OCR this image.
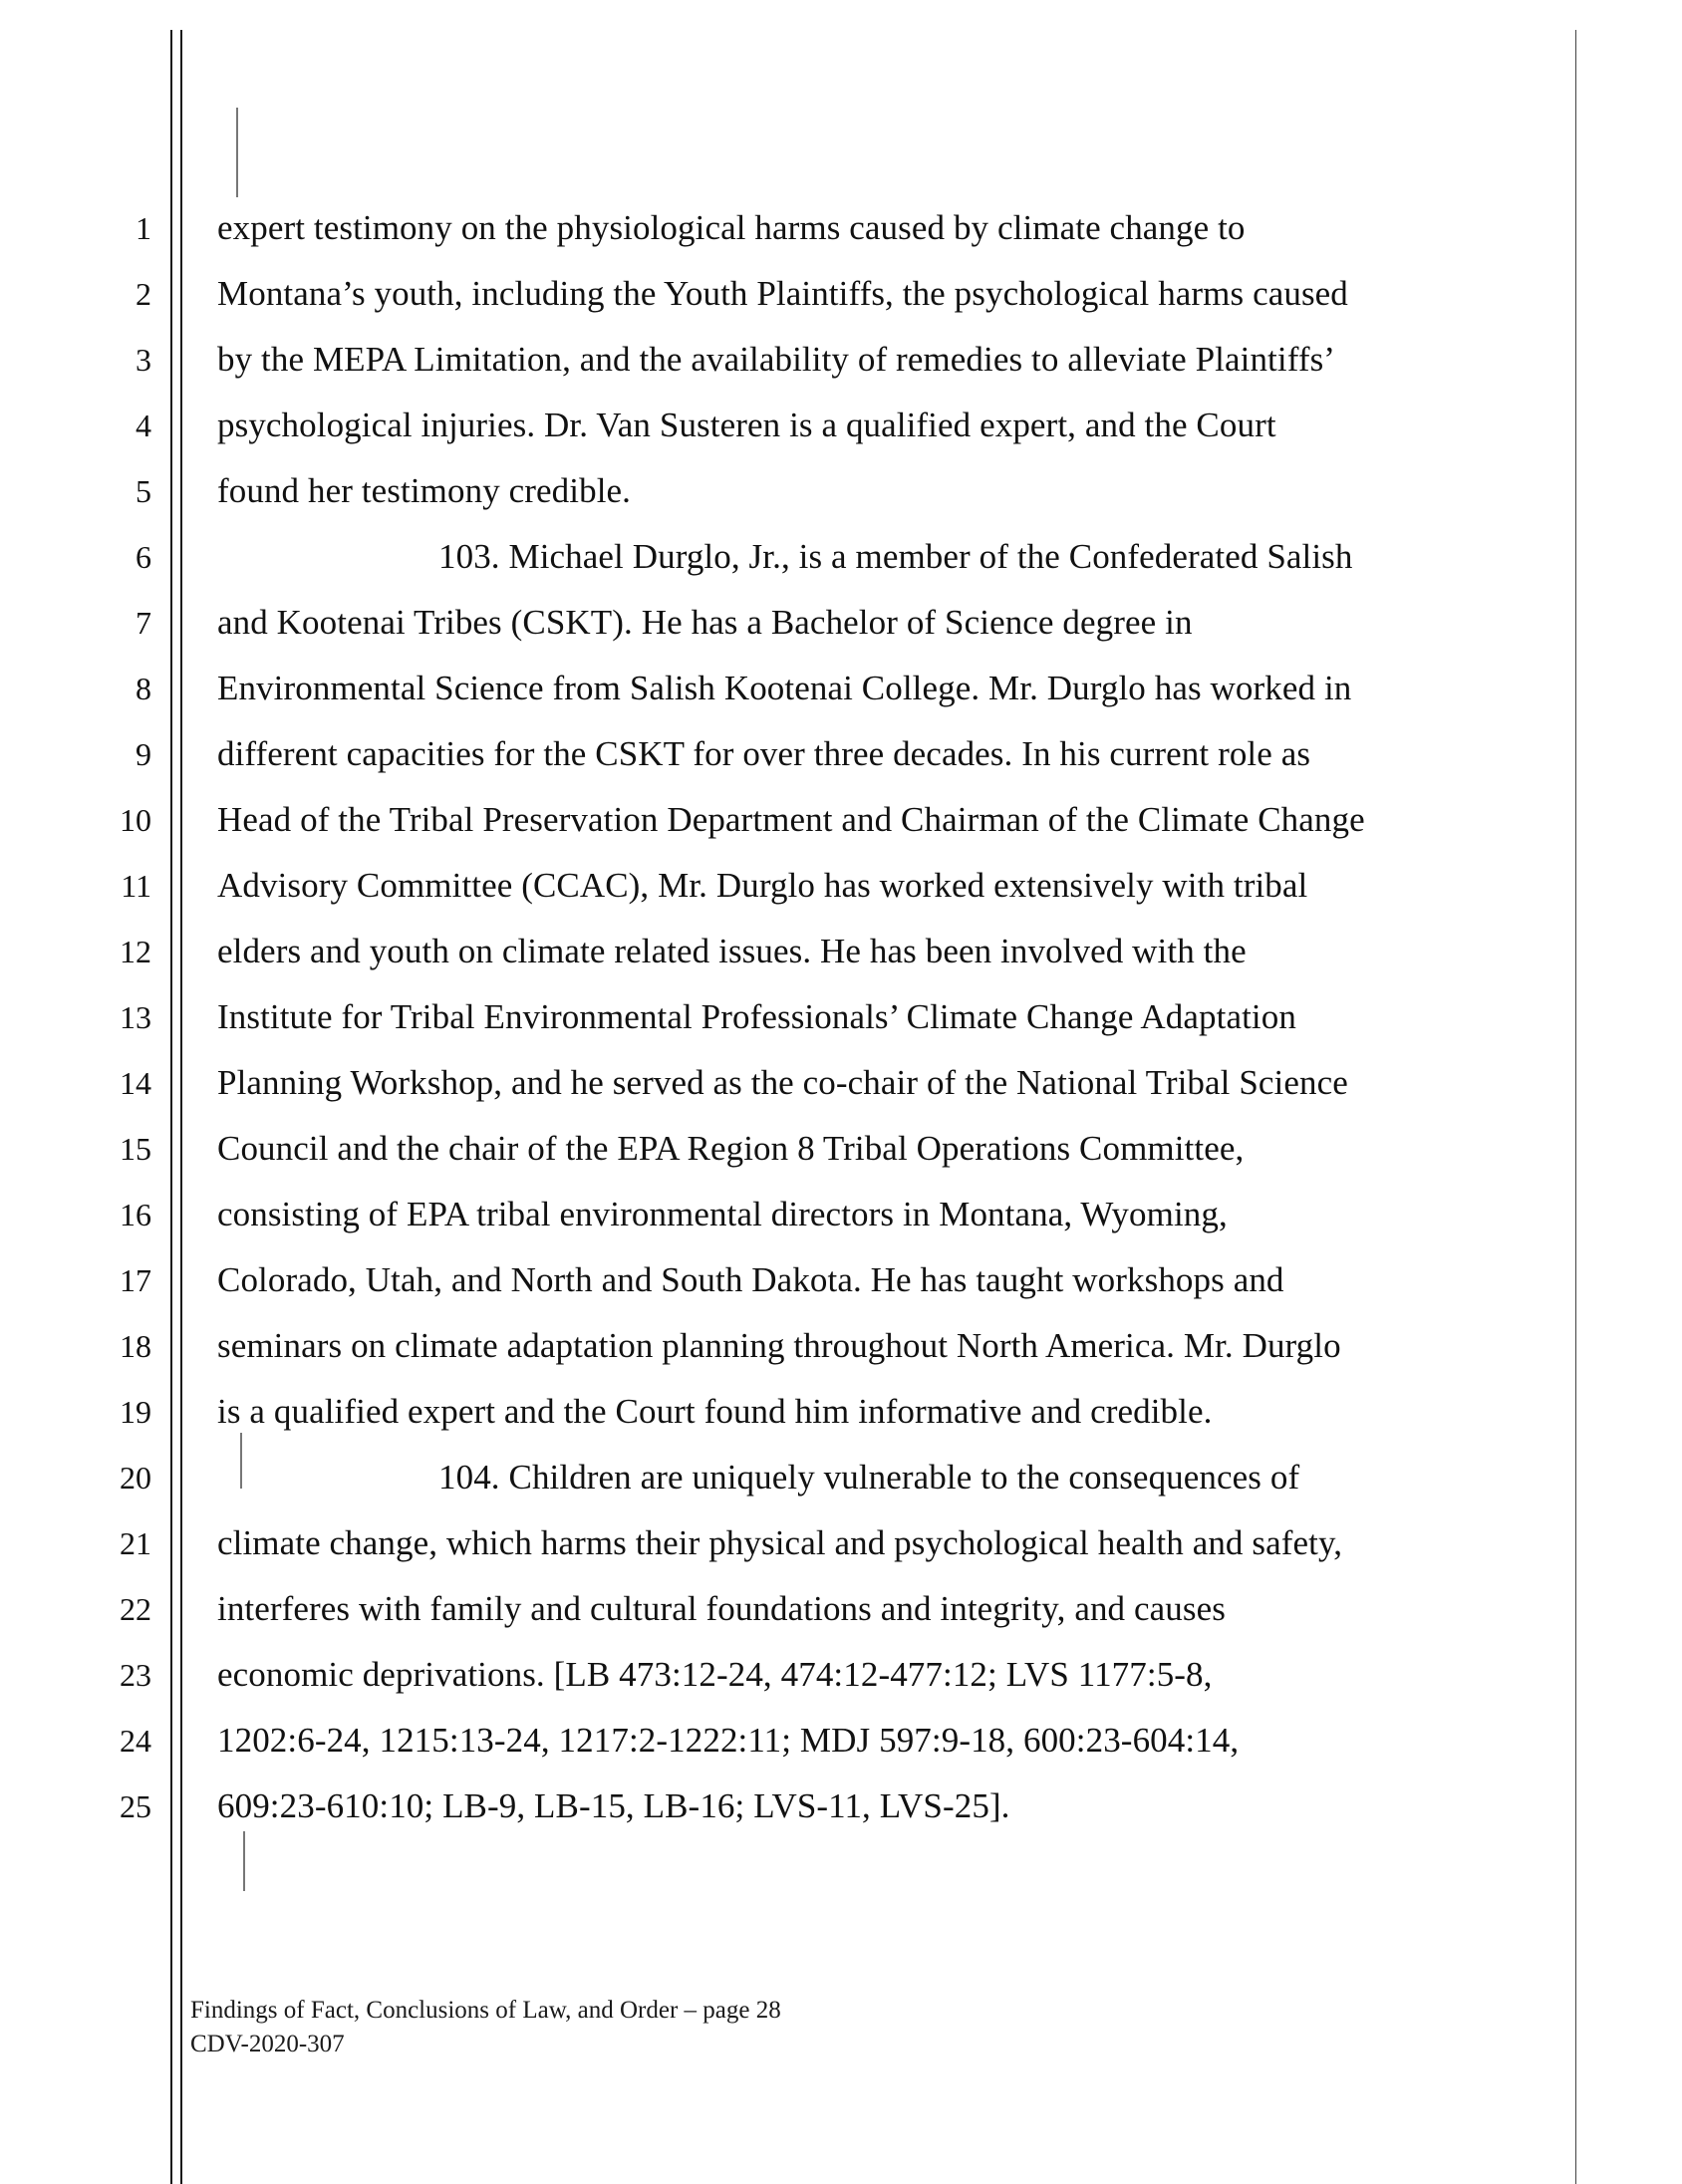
1
2
3
4
5
6
7
8
9
10
11
12
13
14
15
16
17
18
19
20
21
22
23
24
25
expert testimony on the physiological harms caused by climate change to
Montana’s youth, including the Youth Plaintiffs, the psychological harms caused
by the MEPA Limitation, and the availability of remedies to alleviate Plaintiffs’
psychological injuries. Dr. Van Susteren is a qualified expert, and the Court
found her testimony credible.
103. Michael Durglo, Jr., is a member of the Confederated Salish
and Kootenai Tribes (CSKT). He has a Bachelor of Science degree in
Environmental Science from Salish Kootenai College. Mr. Durglo has worked in
different capacities for the CSKT for over three decades. In his current role as
Head of the Tribal Preservation Department and Chairman of the Climate Change
Advisory Committee (CCAC), Mr. Durglo has worked extensively with tribal
elders and youth on climate related issues. He has been involved with the
Institute for Tribal Environmental Professionals’ Climate Change Adaptation
Planning Workshop, and he served as the co-chair of the National Tribal Science
Council and the chair of the EPA Region 8 Tribal Operations Committee,
consisting of EPA tribal environmental directors in Montana, Wyoming,
Colorado, Utah, and North and South Dakota. He has taught workshops and
seminars on climate adaptation planning throughout North America. Mr. Durglo
is a qualified expert and the Court found him informative and credible.
104. Children are uniquely vulnerable to the consequences of
climate change, which harms their physical and psychological health and safety,
interferes with family and cultural foundations and integrity, and causes
economic deprivations. [LB 473:12-24, 474:12-477:12; LVS 1177:5-8,
1202:6-24, 1215:13-24, 1217:2-1222:11; MDJ 597:9-18, 600:23-604:14,
609:23-610:10; LB-9, LB-15, LB-16; LVS-11, LVS-25].
Findings of Fact, Conclusions of Law, and Order – page 28
CDV-2020-307
